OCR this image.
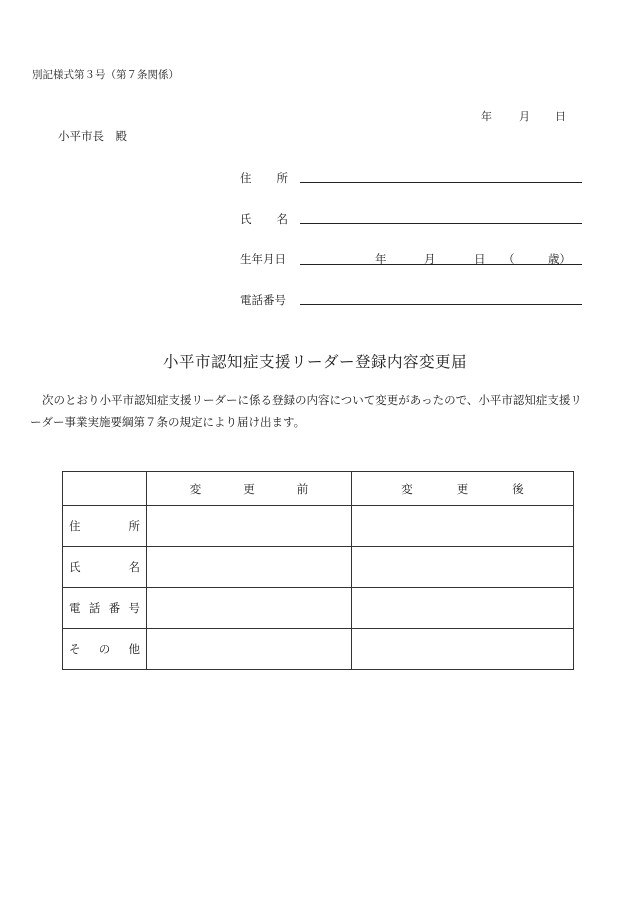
別記様式第３号（第７条関係）
年 月 日
小平市長　殿
住 所
氏 名
生年月日	年	月	日 （	歳）
電話番号
小平市認知症支援リーダー登録内容変更届
次のとおり小平市認知症支援リーダーに係る登録の内容について変更があったので、小平市認知症支援リーダー事業実施要綱第７条の規定により届け出ます。

	変 更 前	変 更 後

住 所		

氏 名		

電 話 番 号		

そ の 他		
